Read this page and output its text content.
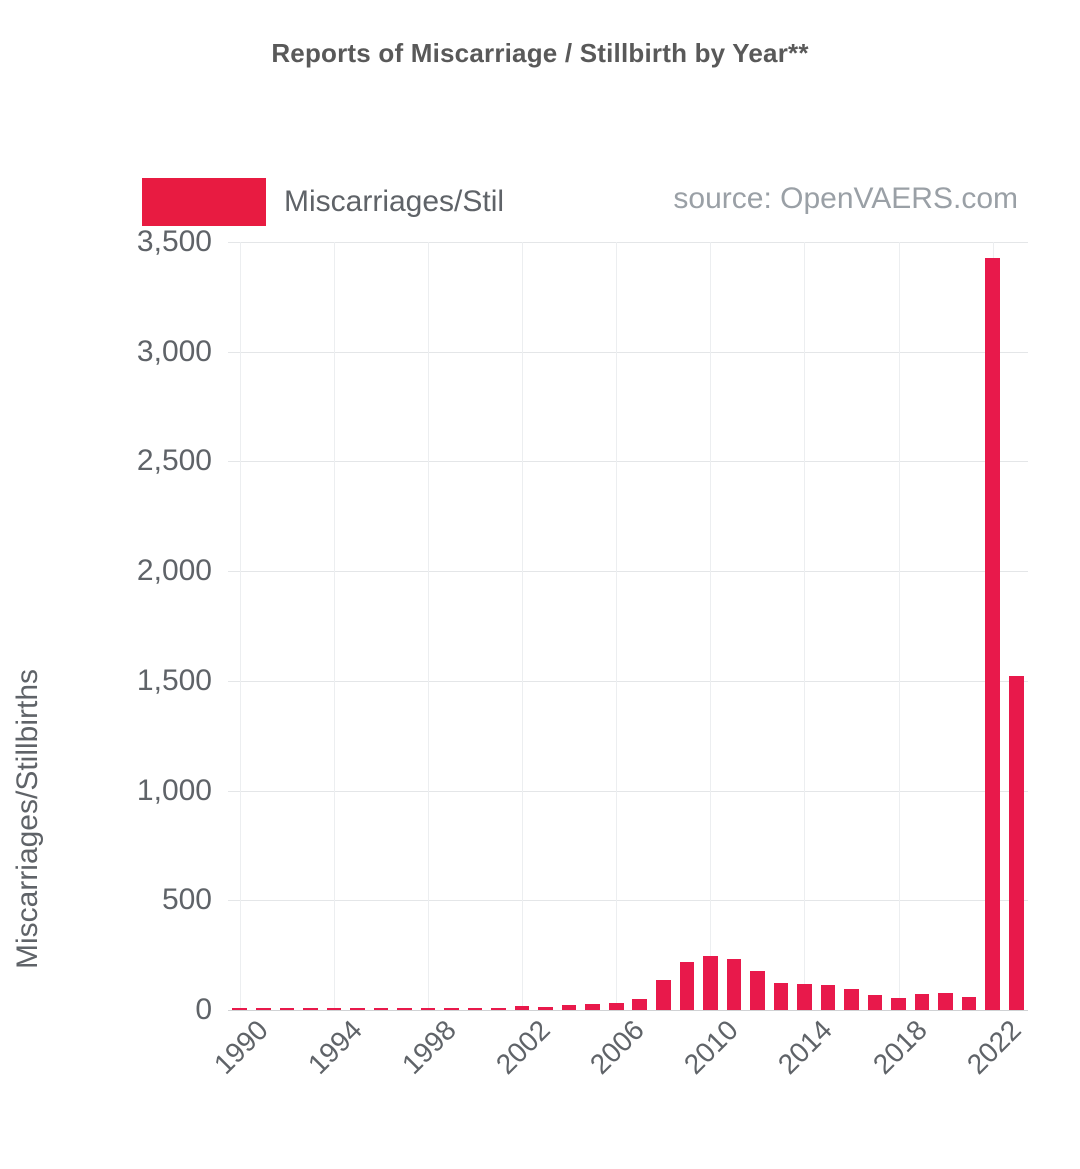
Reports of Miscarriage / Stillbirth by Year**
Miscarriages/Stil	source: OpenVAERS.com
Miscarriages/Stillbirths
0
500
1,000
1,500
2,000
2,500
3,000
3,500
1990 1994 1998 2002 2006 2010 2014 2018 2022
